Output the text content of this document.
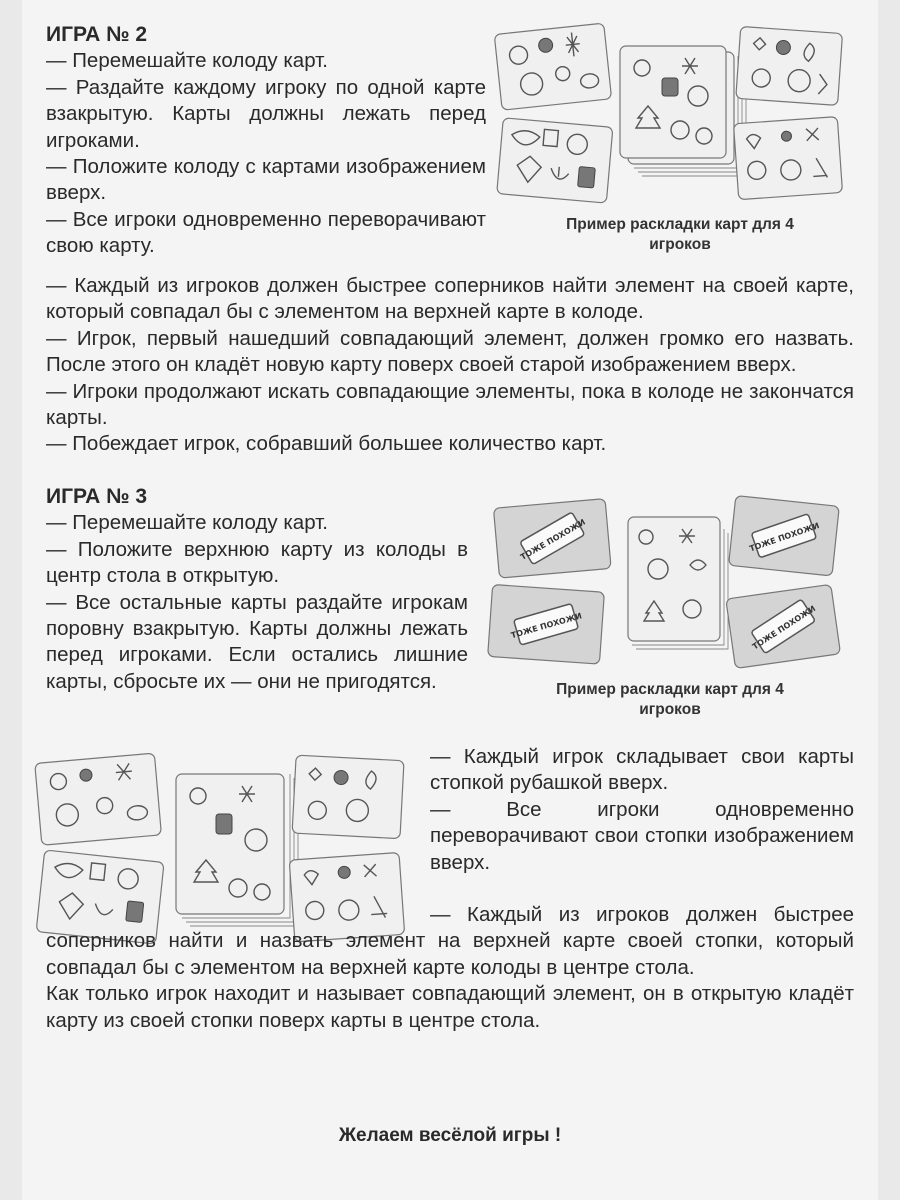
ИГРА № 2

— Перемешайте колоду карт.

— Раздайте каждому игроку по одной карте взакрытую. Карты должны лежать перед игроками.

— Положите колоду с картами изображением вверх.

— Все игроки одновременно переворачивают свою карту.

— Каждый из игроков должен быстрее соперников найти элемент на своей карте, который совпадал бы с элементом на верхней карте в колоде.

— Игрок, первый нашедший совпадающий элемент, должен громко его назвать. После этого он кладёт новую карту поверх своей старой изображением вверх.

— Игроки продолжают искать совпадающие элементы, пока в колоде не закончатся карты.

— Побеждает игрок, собравший большее количество карт.

Пример раскладки карт для 4 игроков

ИГРА № 3

— Перемешайте колоду карт.

— Положите верхнюю карту из колоды в центр стола в открытую.

— Все остальные карты раздайте игрокам поровну взакрытую. Карты должны лежать перед игроками. Если остались лишние карты, сбросьте их — они не пригодятся.	Пример раскладки карт для 4 игроков
ТОЖЕ ПОХОЖИ
ТОЖЕ ПОХОЖИ
ТОЖЕ ПОХОЖИ
ТОЖЕ ПОХОЖИ

— Каждый игрок складывает свои карты стопкой рубашкой вверх.

— Все игроки одновременно переворачивают свои стопки изображением вверх.

— Каждый из игроков должен быстрее соперников найти и назвать элемент на верхней карте своей стопки, который совпадал бы с элементом на верхней карте колоды в центре стола.

Как только игрок находит и называет совпадающий элемент, он в открытую кладёт карту из своей стопки поверх карты в центре стола.

Желаем весёлой игры !
